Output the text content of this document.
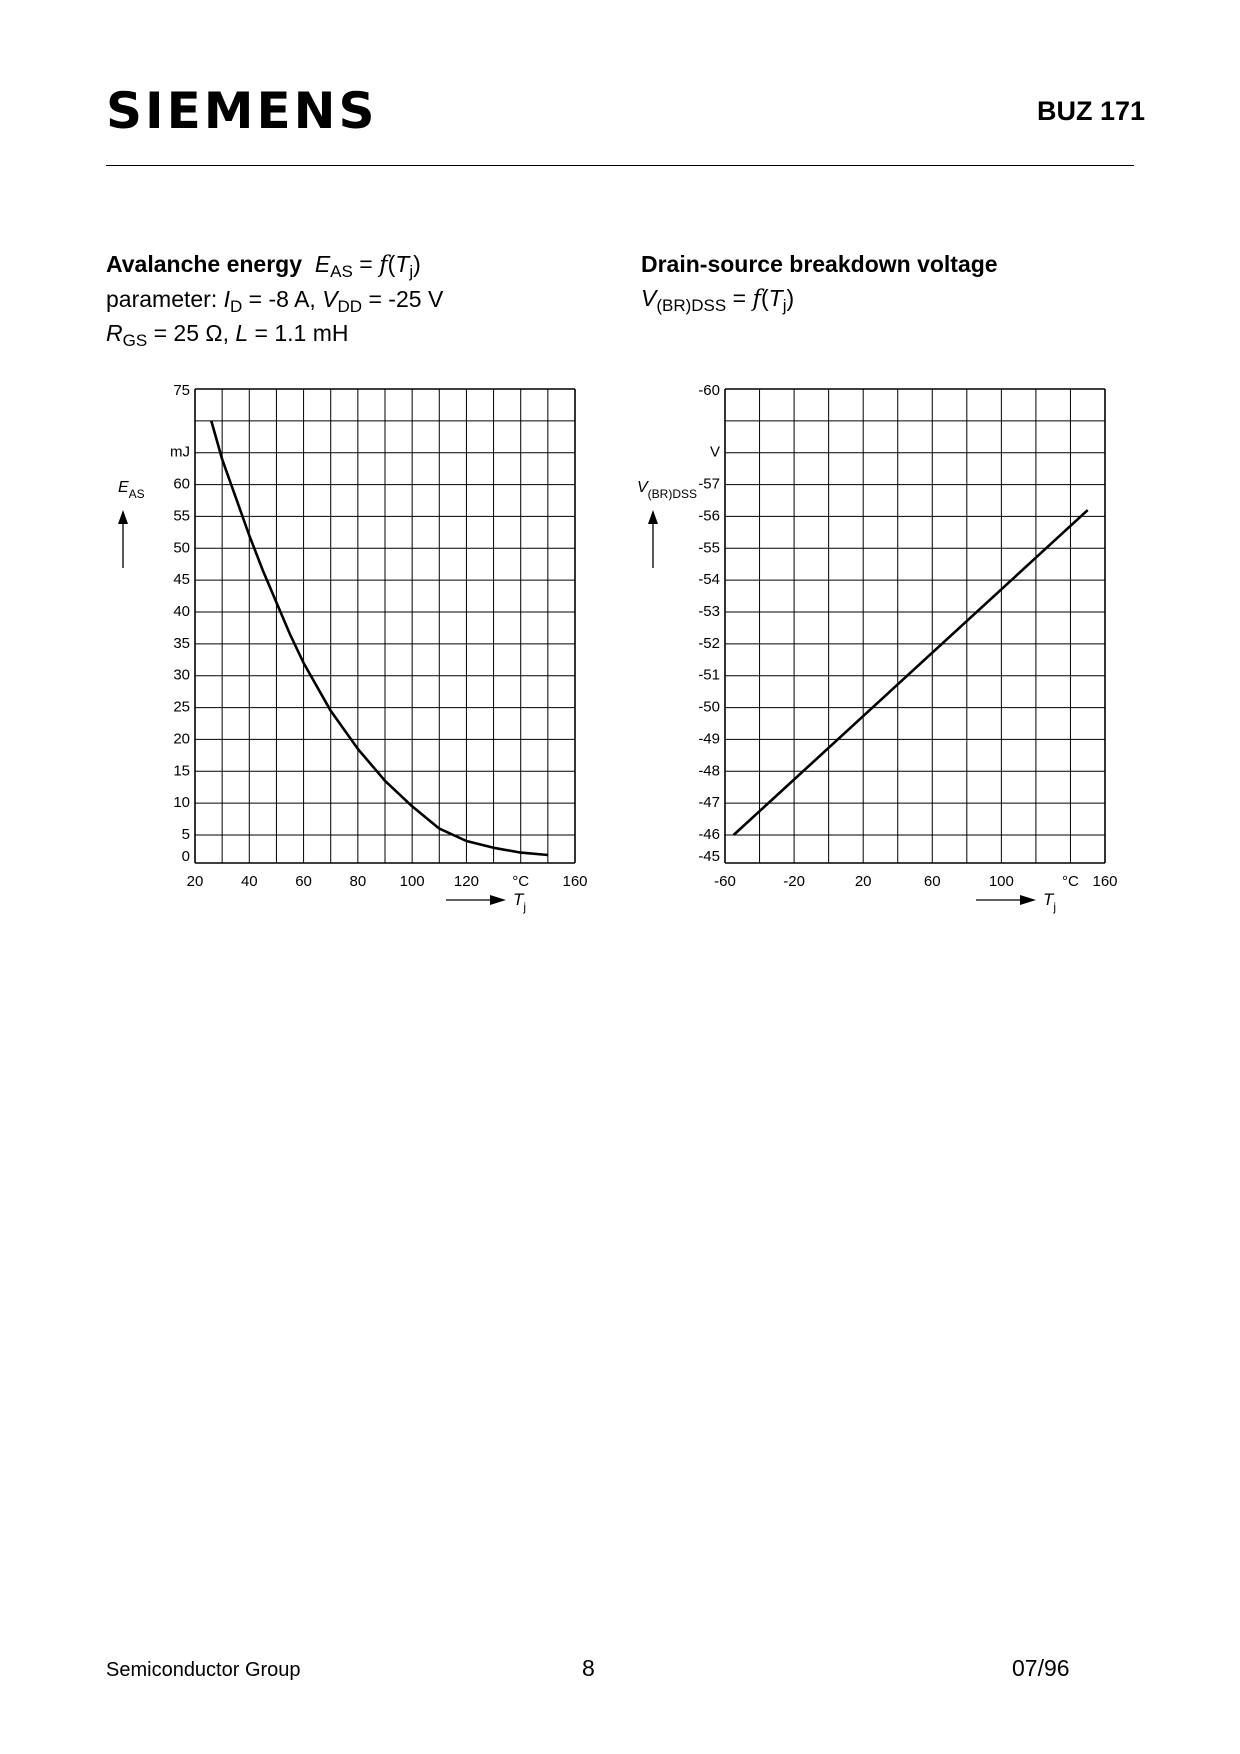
SIEMENS	BUZ 171
Avalanche energy $E_{AS} = f(T_j)$
parameter: $I_D = -8$ A, $V_{DD} = -25$ V
$R_{GS} = 25$ Ω, L = 1.1 mH
Drain-source breakdown voltage
$V_{(BR)DSS} = f(T_j)$
0
5
10
15
20
25
30
35
40
45
50
55
60
mJ
75
20	40	60	80 100 120 °C 160
$E_{AS}$
$T_j$
-45
-46
-47
-48
-49
-50
-51
-52
-53
-54
-55
-56
-57
V
-60
-60	-20	20	60	100	°C 160
$V_{(BR)DSS}$
$T_j$
Semiconductor Group	8	07/96
